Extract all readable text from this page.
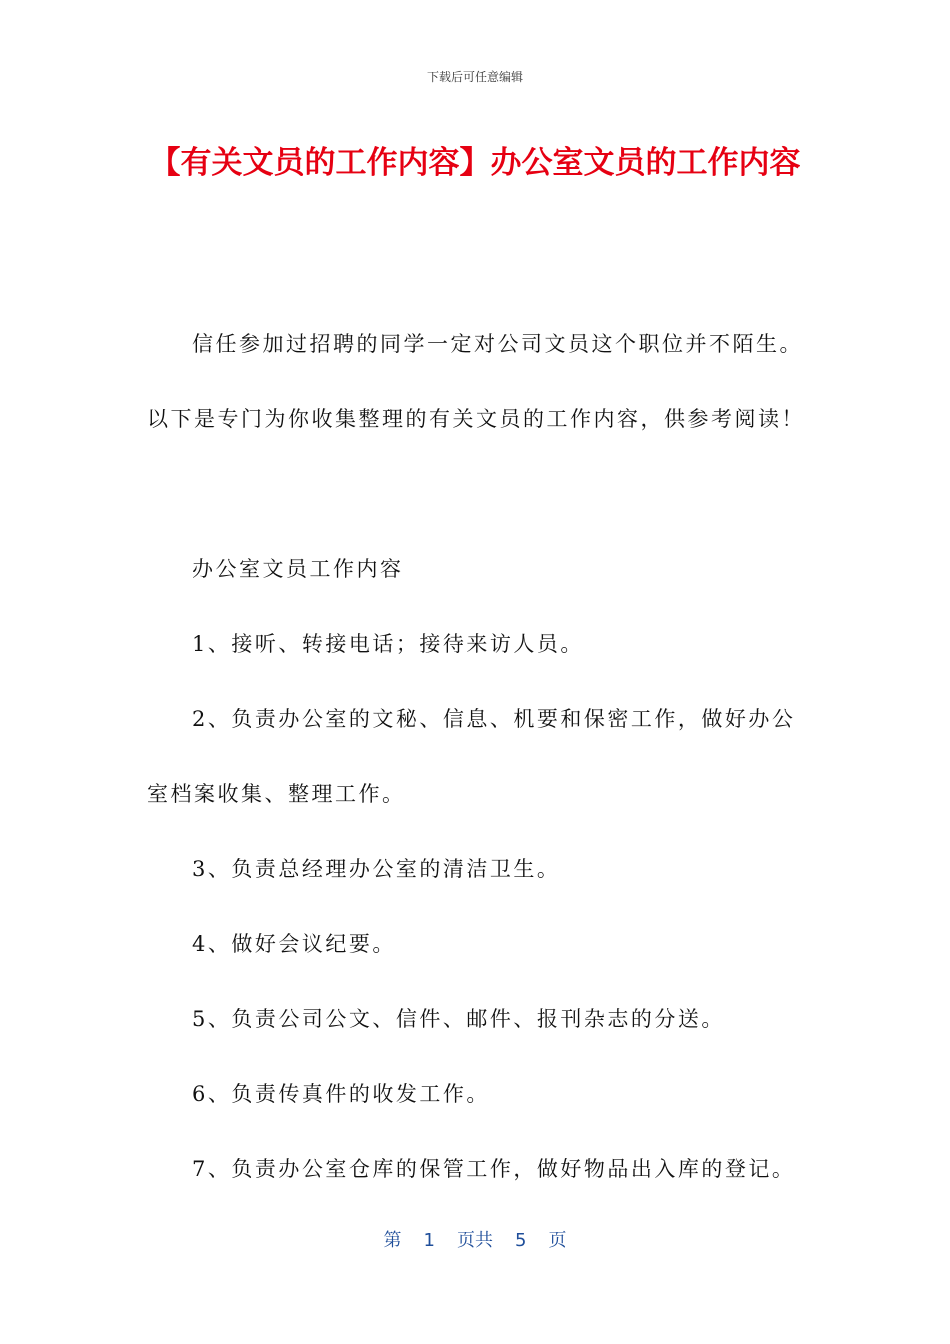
下载后可任意编辑
【有关文员的工作内容】办公室文员的工作内容
信任参加过招聘的同学一定对公司文员这个职位并不陌生。
以下是专门为你收集整理的有关文员的工作内容，供参考阅读！
办公室文员工作内容
1、接听、转接电话；接待来访人员。
2、负责办公室的文秘、信息、机要和保密工作，做好办公
室档案收集、整理工作。
3、负责总经理办公室的清洁卫生。
4、做好会议纪要。
5、负责公司公文、信件、邮件、报刊杂志的分送。
6、负责传真件的收发工作。
7、负责办公室仓库的保管工作，做好物品出入库的登记。
第 1 页共 5 页
